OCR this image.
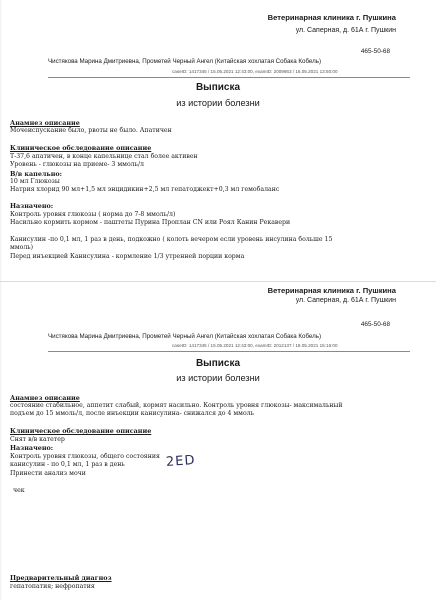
Ветеринарная клиника г. Пушкина
ул. Саперная, д. 61А г. Пушкин
465-50-68
Чистякова Марина Дмитриевна, Прометей Черный Ангел (Китайская хохлатая Собака Кобель)
caseID: 1417345 / 15.05.2021 12:43:00, examID: 2009863 / 16.05.2021 13:50:00
Выписка
из истории болезни
Анамнез описание
Мочеиспускание было, рвоты не было. Апатичен
Клиническое обследование описание
Т-37,6 апатичен, в конце капельнице стал более активен
Уровень - глюкозы на приеме- 3 ммоль/л
В/в капельно:
10 мл Глюкозы
Натрия хлорид 90 мл+1,5 мл энцидикин+2,5 мл гепатоджект+0,3 мл гемобаланс
Назначено:
Контроль уровня глюкозы ( норма до 7-8 ммоль/л)
Насильно кормить кормом - паштеты Пурина Проплан CN или Роял Канин Рекавери
Канисулин -по 0,1 мл, 1 раз в день, подкожно ( колоть вечером если уровень инсулина больше 15
ммоль)
Перед инъекцией Канисулина - кормление 1/3 утренней порции корма
Ветеринарная клиника г. Пушкина
ул. Саперная, д. 61А г. Пушкин
465-50-68
Чистякова Марина Дмитриевна, Прометей Черный Ангел (Китайская хохлатая Собака Кобель)
caseID: 1417345 / 15.05.2021 12:43:00, examID: 2012137 / 18.05.2021 15:16:00
Выписка
из истории болезни
Анамнез описание
состояние стабильное, аппетит слабый, кормят насильно. Контроль уровня глюкозы- максимальный
подъем до 15 ммоль/л, после инъекции канисулина- снижался до 4 ммоль
Клиническое обследование описание
Снят в/в катетер
Назначено:
Контроль уровня глюкозы, общего состояния
канисулин - по 0,1 мл, 1 раз в день
Принести анализ мочи
2ЕD
чек
Предварительный диагноз
гепатопатия; нефропатия
